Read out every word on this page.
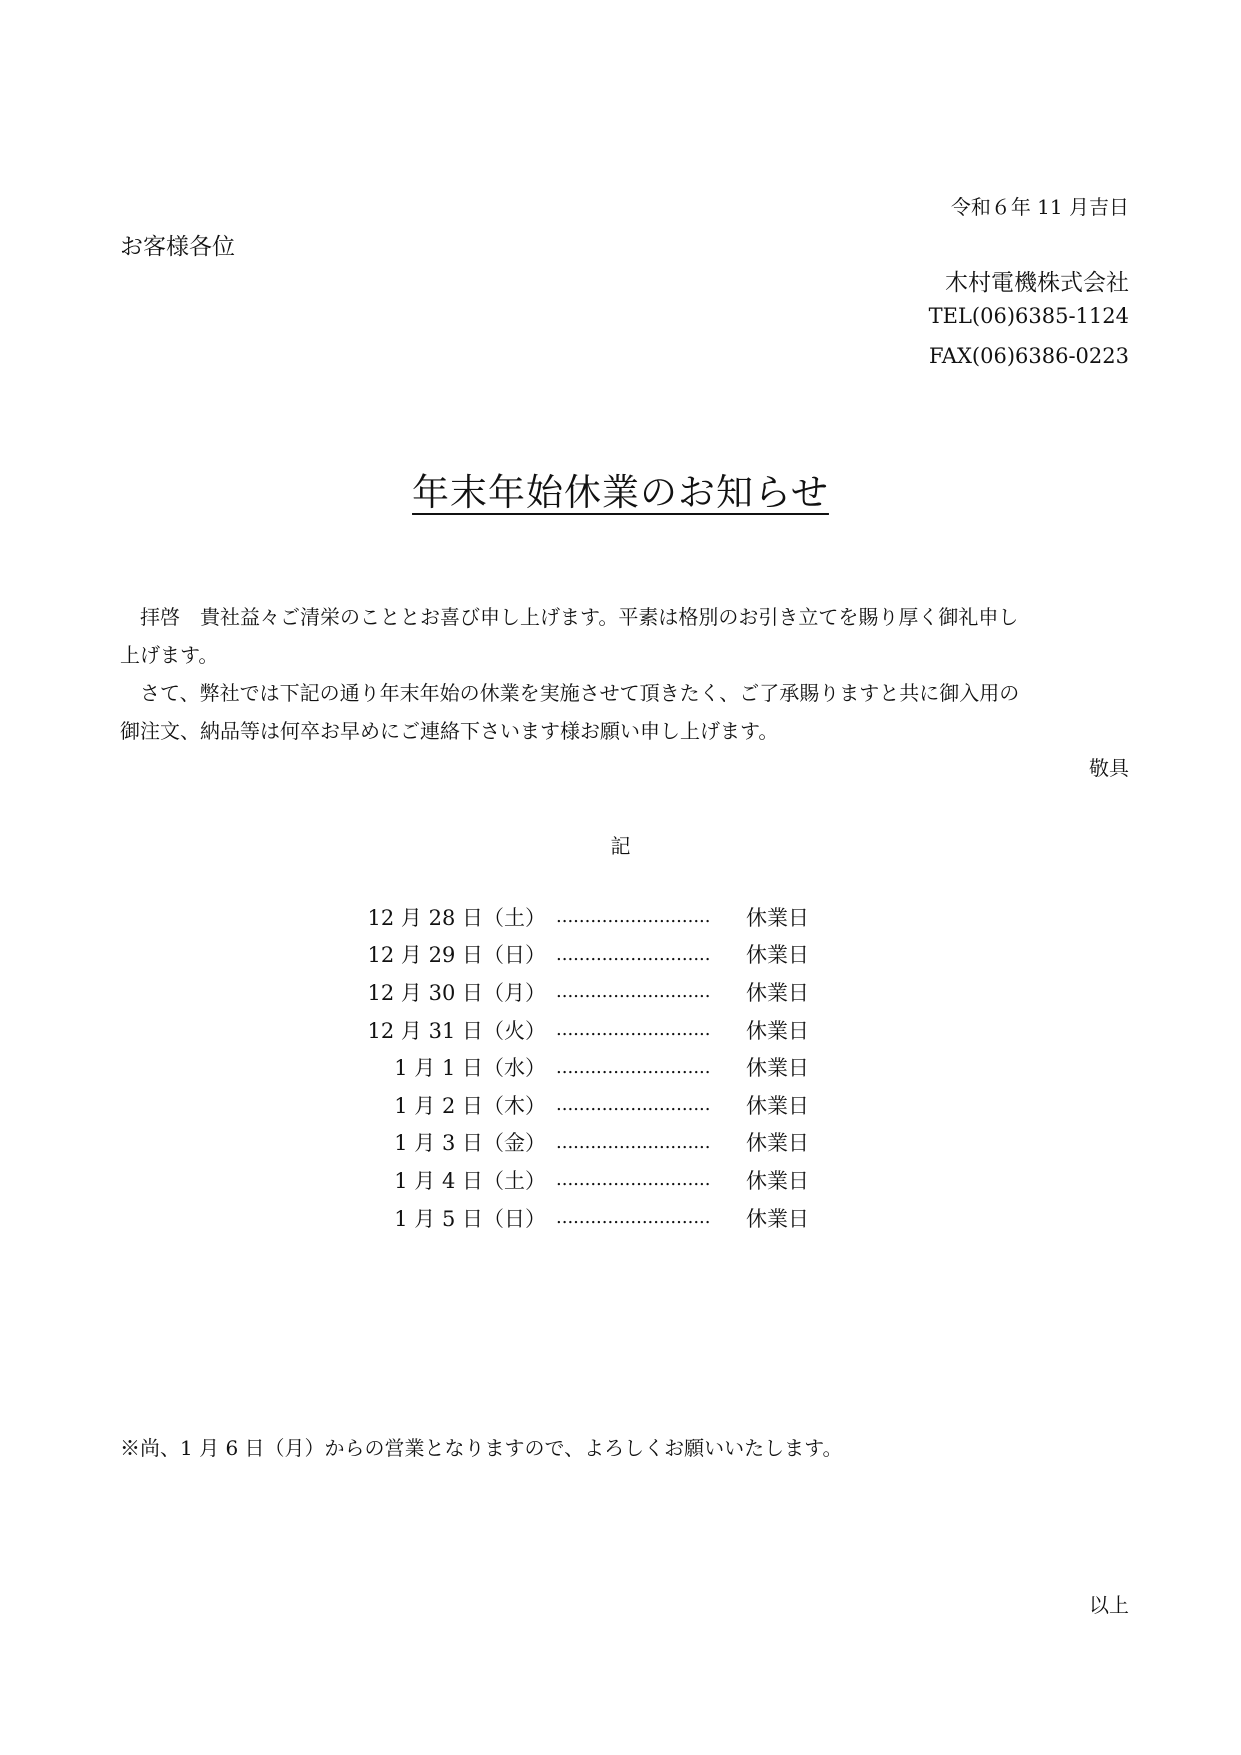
令和６年 11 月吉日
お客様各位
木村電機株式会社
TEL(06)6385-1124
FAX(06)6386-0223
年末年始休業のお知らせ

拝啓　貴社益々ご清栄のこととお喜び申し上げます。平素は格別のお引き立てを賜り厚く御礼申し

上げます。

さて、弊社では下記の通り年末年始の休業を実施させて頂きたく、ご了承賜りますと共に御入用の

御注文、納品等は何卒お早めにご連絡下さいます様お願い申し上げます。

敬具
記
12 月 28 日（土） ...........................	休業日
12 月 29 日（日） ...........................	休業日
12 月 30 日（月） ...........................	休業日
12 月 31 日（火） ...........................	休業日
1 月 1 日（水） ...........................	休業日
1 月 2 日（木） ...........................	休業日
1 月 3 日（金） ...........................	休業日
1 月 4 日（土） ...........................	休業日
1 月 5 日（日） ...........................	休業日
※尚、1 月 6 日（月）からの営業となりますので、よろしくお願いいたします。
以上
